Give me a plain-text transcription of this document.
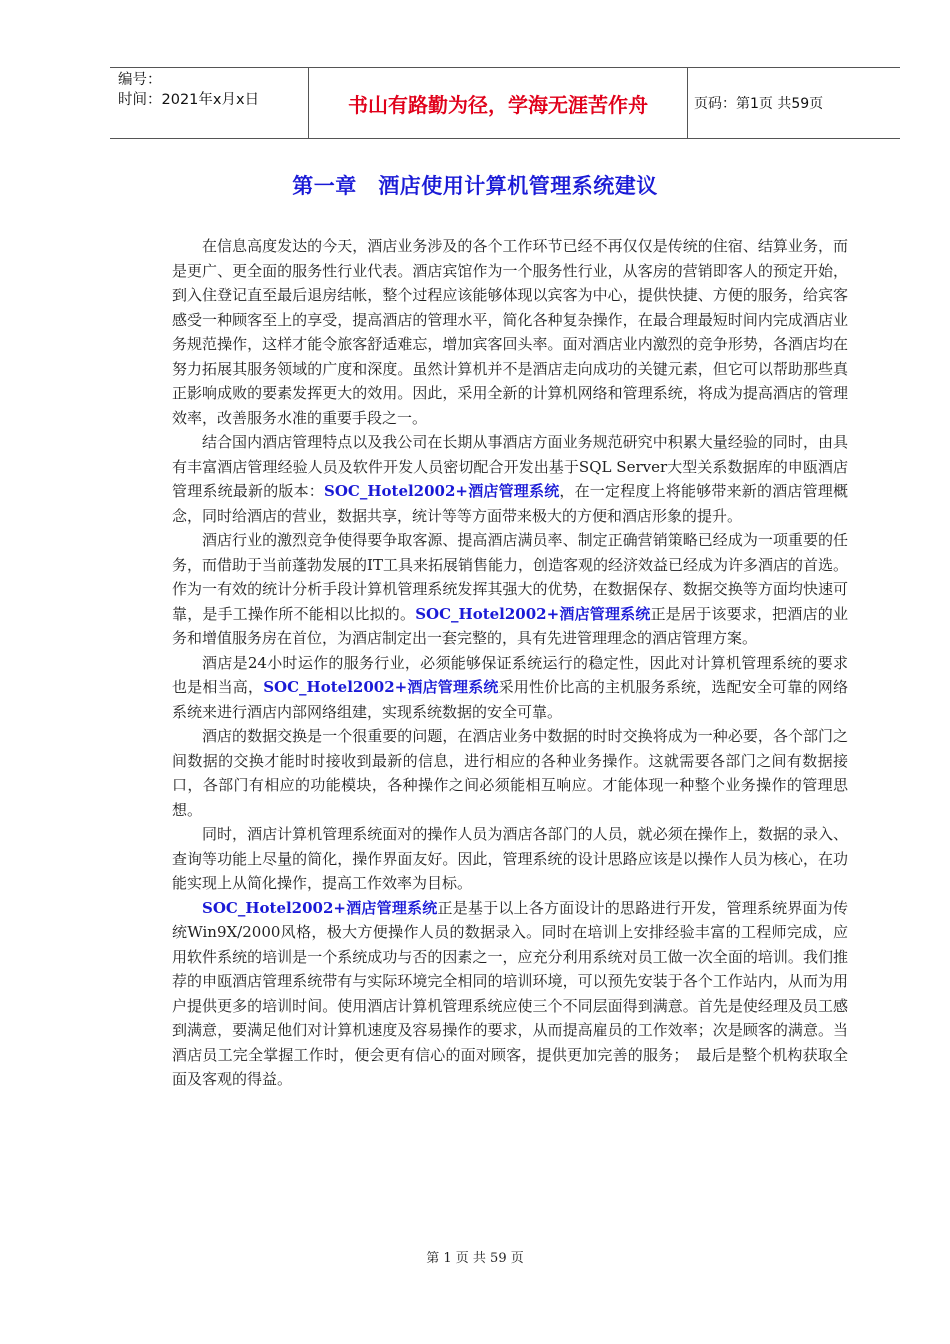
编号：
时间：2021年x月x日	书山有路勤为径，学海无涯苦作舟	页码：第1页 共59页
第一章　酒店使用计算机管理系统建议

在信息高度发达的今天，酒店业务涉及的各个工作环节已经不再仅仅是传统的住宿、结算业务，而是更广、更全面的服务性行业代表。酒店宾馆作为一个服务性行业，从客房的营销即客人的预定开始，到入住登记直至最后退房结帐，整个过程应该能够体现以宾客为中心，提供快捷、方便的服务，给宾客感受一种顾客至上的享受，提高酒店的管理水平，简化各种复杂操作，在最合理最短时间内完成酒店业务规范操作，这样才能令旅客舒适难忘，增加宾客回头率。面对酒店业内激烈的竞争形势，各酒店均在努力拓展其服务领域的广度和深度。虽然计算机并不是酒店走向成功的关键元素，但它可以帮助那些真正影响成败的要素发挥更大的效用。因此，采用全新的计算机网络和管理系统，将成为提高酒店的管理效率，改善服务水准的重要手段之一。

结合国内酒店管理特点以及我公司在长期从事酒店方面业务规范研究中积累大量经验的同时，由具有丰富酒店管理经验人员及软件开发人员密切配合开发出基于SQL Server大型关系数据库的申瓯酒店管理系统最新的版本：SOC_Hotel2002+酒店管理系统，在一定程度上将能够带来新的酒店管理概念，同时给酒店的营业，数据共享，统计等等方面带来极大的方便和酒店形象的提升。

酒店行业的激烈竞争使得要争取客源、提高酒店满员率、制定正确营销策略已经成为一项重要的任务，而借助于当前蓬勃发展的IT工具来拓展销售能力，创造客观的经济效益已经成为许多酒店的首选。作为一有效的统计分析手段计算机管理系统发挥其强大的优势，在数据保存、数据交换等方面均快速可靠，是手工操作所不能相以比拟的。SOC_Hotel2002+酒店管理系统正是居于该要求，把酒店的业务和增值服务房在首位，为酒店制定出一套完整的，具有先进管理理念的酒店管理方案。

酒店是24小时运作的服务行业，必须能够保证系统运行的稳定性，因此对计算机管理系统的要求也是相当高，SOC_Hotel2002+酒店管理系统采用性价比高的主机服务系统，选配安全可靠的网络系统来进行酒店内部网络组建，实现系统数据的安全可靠。

酒店的数据交换是一个很重要的问题，在酒店业务中数据的时时交换将成为一种必要，各个部门之间数据的交换才能时时接收到最新的信息，进行相应的各种业务操作。这就需要各部门之间有数据接口，各部门有相应的功能模块，各种操作之间必须能相互响应。才能体现一种整个业务操作的管理思想。

同时，酒店计算机管理系统面对的操作人员为酒店各部门的人员，就必须在操作上，数据的录入、查询等功能上尽量的简化，操作界面友好。因此，管理系统的设计思路应该是以操作人员为核心，在功能实现上从简化操作，提高工作效率为目标。

SOC_Hotel2002+酒店管理系统正是基于以上各方面设计的思路进行开发，管理系统界面为传统Win9X/2000风格，极大方便操作人员的数据录入。同时在培训上安排经验丰富的工程师完成，应用软件系统的培训是一个系统成功与否的因素之一，应充分利用系统对员工做一次全面的培训。我们推荐的申瓯酒店管理系统带有与实际环境完全相同的培训环境，可以预先安装于各个工作站内，从而为用户提供更多的培训时间。使用酒店计算机管理系统应使三个不同层面得到满意。首先是使经理及员工感到满意，要满足他们对计算机速度及容易操作的要求，从而提高雇员的工作效率；次是顾客的满意。当酒店员工完全掌握工作时，便会更有信心的面对顾客，提供更加完善的服务；　最后是整个机构获取全面及客观的得益。

第 1 页 共 59 页
